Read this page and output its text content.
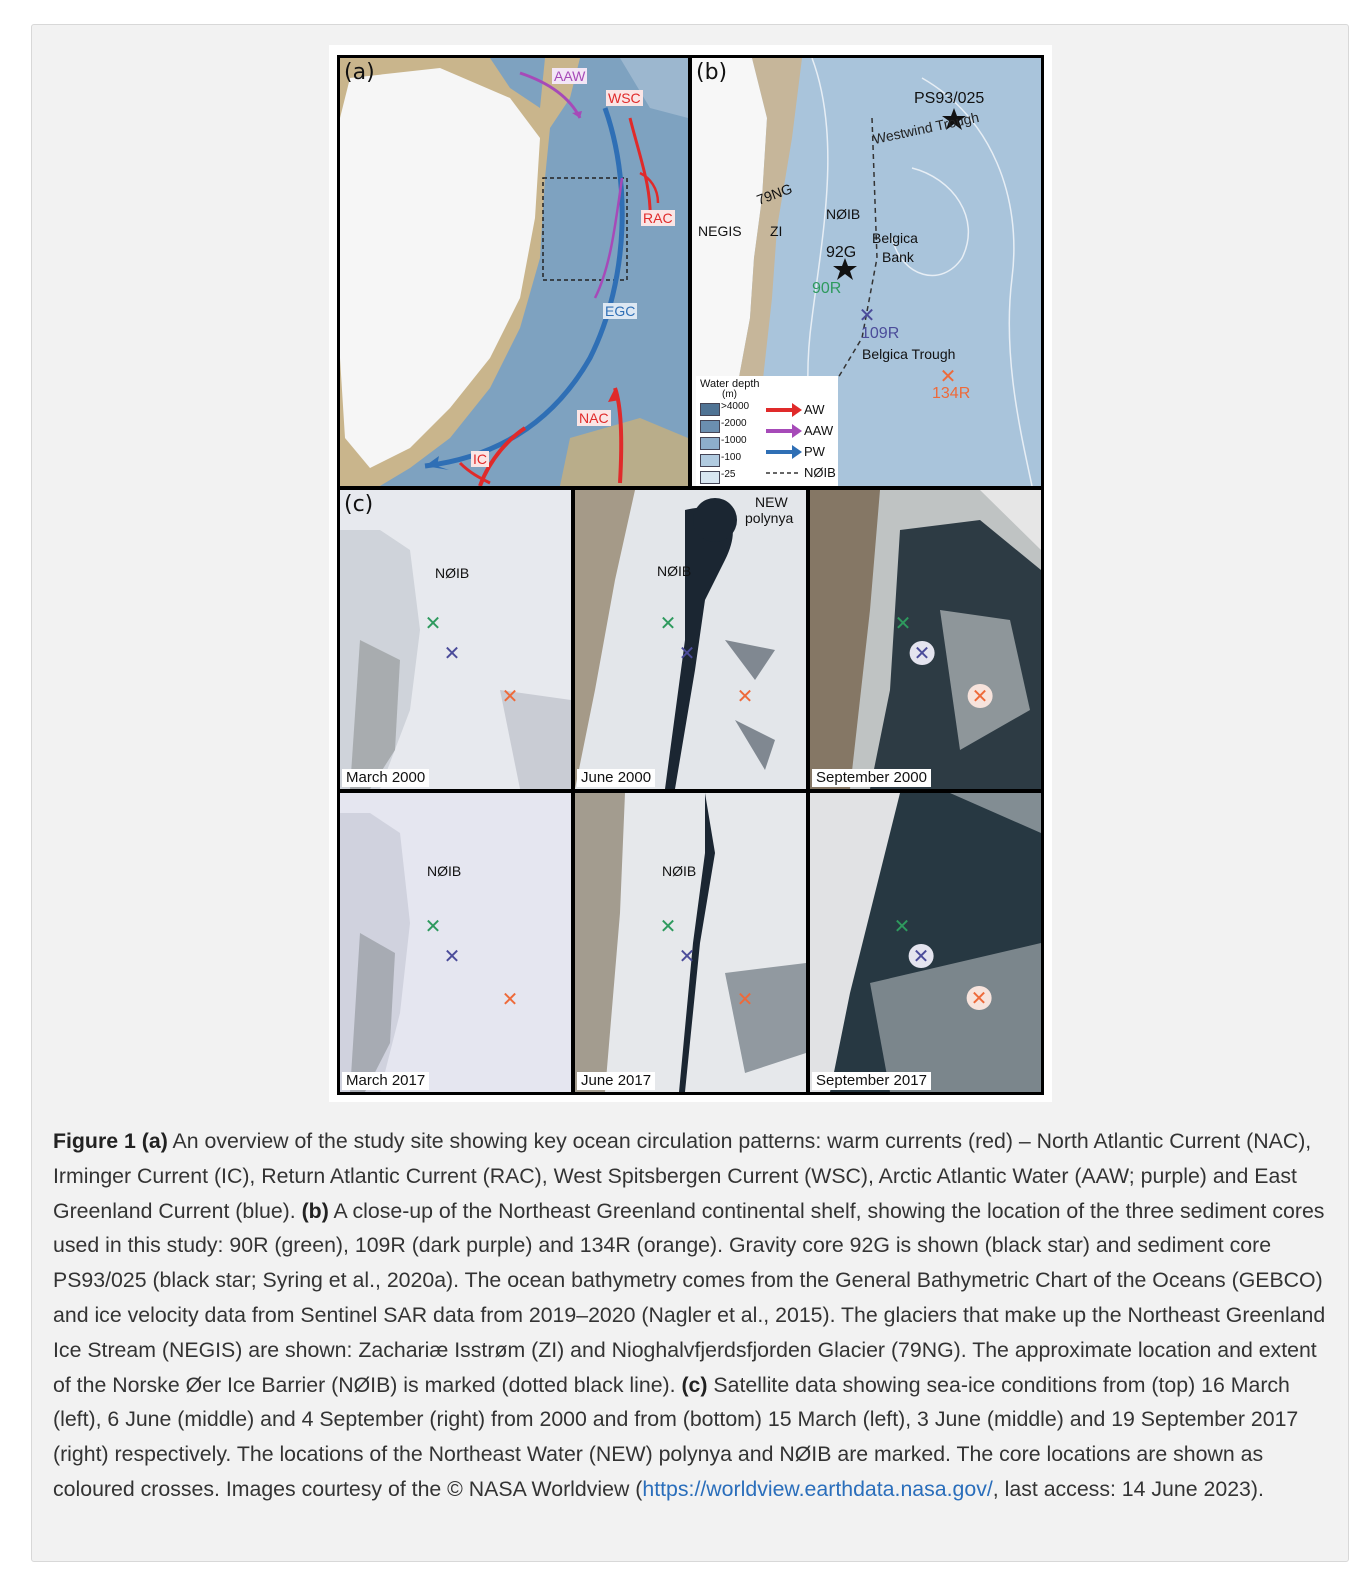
(a)	AAW
WSC
RAC
EGC
NAC
IC
(b)
PS93/025
Westwind Trough
79NG
NØIB
NEGIS ZI	Belgica
Bank
92G
90R
✕
109R
Belgica Trough
✕
134R
Water depth
(m)
>4000
-2000
-1000
-100
-25
AW
AAW
PW
NØIB
(c)
NØIB
✕
✕
✕
March 2000
NEW
polynya
NØIB
✕
✕
✕
June 2000
✕
✕
✕
September 2000
NØIB
✕
✕
✕
March 2017
NØIB
✕
✕
✕
June 2017
✕
✕
✕
September 2017
Figure 1 (a) An overview of the study site showing key ocean circulation patterns: warm currents (red) – North Atlantic Current (NAC), Irminger Current (IC), Return Atlantic Current (RAC), West Spitsbergen Current (WSC), Arctic Atlantic Water (AAW; purple) and East Greenland Current (blue). (b) A close-up of the Northeast Greenland continental shelf, showing the location of the three sediment cores used in this study: 90R (green), 109R (dark purple) and 134R (orange). Gravity core 92G is shown (black star) and sediment core PS93/025 (black star; Syring et al., 2020a). The ocean bathymetry comes from the General Bathymetric Chart of the Oceans (GEBCO) and ice velocity data from Sentinel SAR data from 2019–2020 (Nagler et al., 2015). The glaciers that make up the Northeast Greenland Ice Stream (NEGIS) are shown: Zachariæ Isstrøm (ZI) and Nioghalvfjerdsfjorden Glacier (79NG). The approximate location and extent of the Norske Øer Ice Barrier (NØIB) is marked (dotted black line). (c) Satellite data showing sea-ice conditions from (top) 16 March (left), 6 June (middle) and 4 September (right) from 2000 and from (bottom) 15 March (left), 3 June (middle) and 19 September 2017 (right) respectively. The locations of the Northeast Water (NEW) polynya and NØIB are marked. The core locations are shown as coloured crosses. Images courtesy of the © NASA Worldview (https://worldview.earthdata.nasa.gov/, last access: 14 June 2023).
